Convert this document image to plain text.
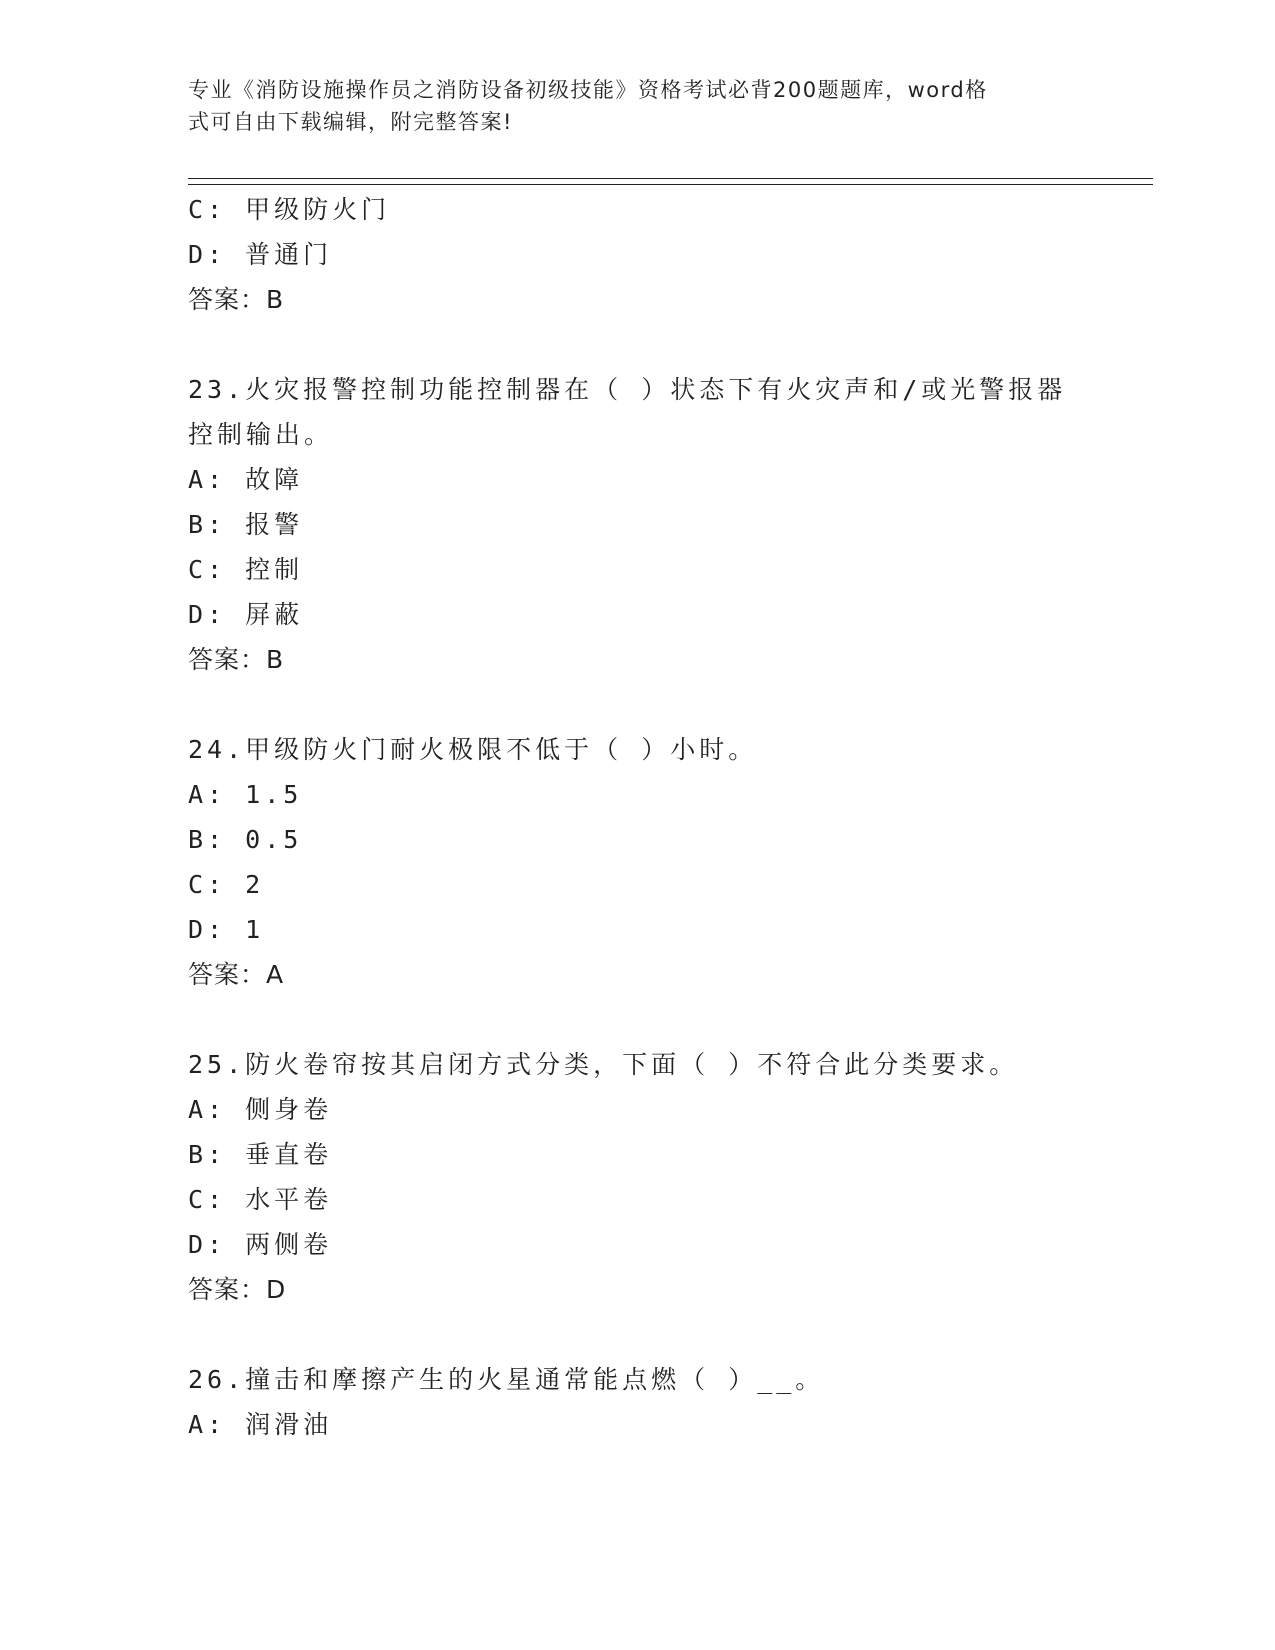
专业《消防设施操作员之消防设备初级技能》资格考试必背200题题库，word格
式可自由下载编辑，附完整答案!
C: 甲级防火门
D: 普通门
答案：B
23.火灾报警控制功能控制器在（ ）状态下有火灾声和/或光警报器
控制输出。
A: 故障
B: 报警
C: 控制
D: 屏蔽
答案：B
24.甲级防火门耐火极限不低于（ ）小时。
A: 1.5
B: 0.5
C: 2
D: 1
答案：A
25.防火卷帘按其启闭方式分类，下面（ ）不符合此分类要求。
A: 侧身卷
B: 垂直卷
C: 水平卷
D: 两侧卷
答案：D
26.撞击和摩擦产生的火星通常能点燃（ ）__。
A: 润滑油
